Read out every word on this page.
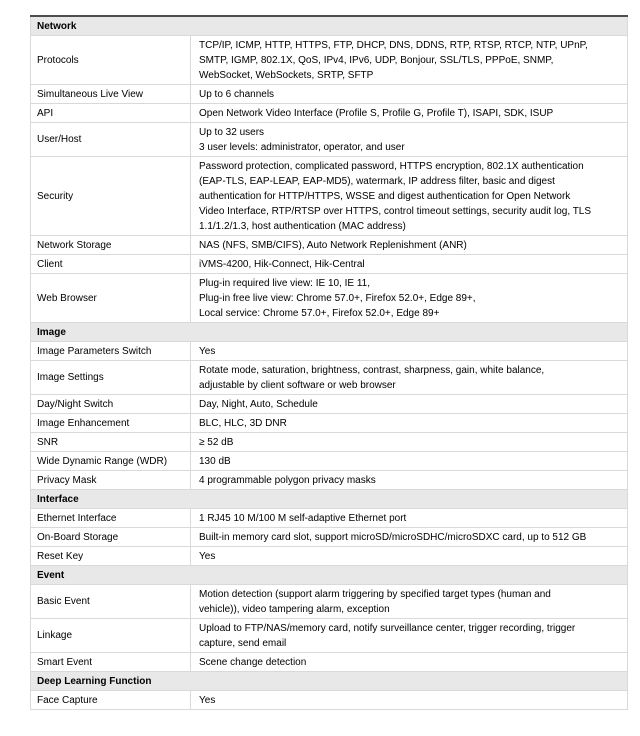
Network	
Protocols	TCP/IP, ICMP, HTTP, HTTPS, FTP, DHCP, DNS, DDNS, RTP, RTSP, RTCP, NTP, UPnP,
SMTP, IGMP, 802.1X, QoS, IPv4, IPv6, UDP, Bonjour, SSL/TLS, PPPoE, SNMP,
WebSocket, WebSockets, SRTP, SFTP

Simultaneous Live View	Up to 6 channels
API	Open Network Video Interface (Profile S, Profile G, Profile T), ISAPI, SDK, ISUP
User/Host	Up to 32 users
3 user levels: administrator, operator, and user

Security	Password protection, complicated password, HTTPS encryption, 802.1X authentication
(EAP-TLS, EAP-LEAP, EAP-MD5), watermark, IP address filter, basic and digest
authentication for HTTP/HTTPS, WSSE and digest authentication for Open Network
Video Interface, RTP/RTSP over HTTPS, control timeout settings, security audit log, TLS
1.1/1.2/1.3, host authentication (MAC address)

Network Storage	NAS (NFS, SMB/CIFS), Auto Network Replenishment (ANR)
Client	iVMS-4200, Hik-Connect, Hik-Central
Web Browser	Plug-in required live view: IE 10, IE 11,
Plug-in free live view: Chrome 57.0+, Firefox 52.0+, Edge 89+,
Local service: Chrome 57.0+, Firefox 52.0+, Edge 89+

Image	
Image Parameters Switch	Yes
Image Settings	Rotate mode, saturation, brightness, contrast, sharpness, gain, white balance,
adjustable by client software or web browser

Day/Night Switch	Day, Night, Auto, Schedule
Image Enhancement	BLC, HLC, 3D DNR
SNR	≥ 52 dB
Wide Dynamic Range (WDR)	130 dB
Privacy Mask	4 programmable polygon privacy masks
Interface	
Ethernet Interface	1 RJ45 10 M/100 M self-adaptive Ethernet port
On-Board Storage	Built-in memory card slot, support microSD/microSDHC/microSDXC card, up to 512 GB
Reset Key	Yes
Event	
Basic Event	Motion detection (support alarm triggering by specified target types (human and
vehicle)), video tampering alarm, exception

Linkage	Upload to FTP/NAS/memory card, notify surveillance center, trigger recording, trigger
capture, send email

Smart Event	Scene change detection
Deep Learning Function	
Face Capture	Yes
